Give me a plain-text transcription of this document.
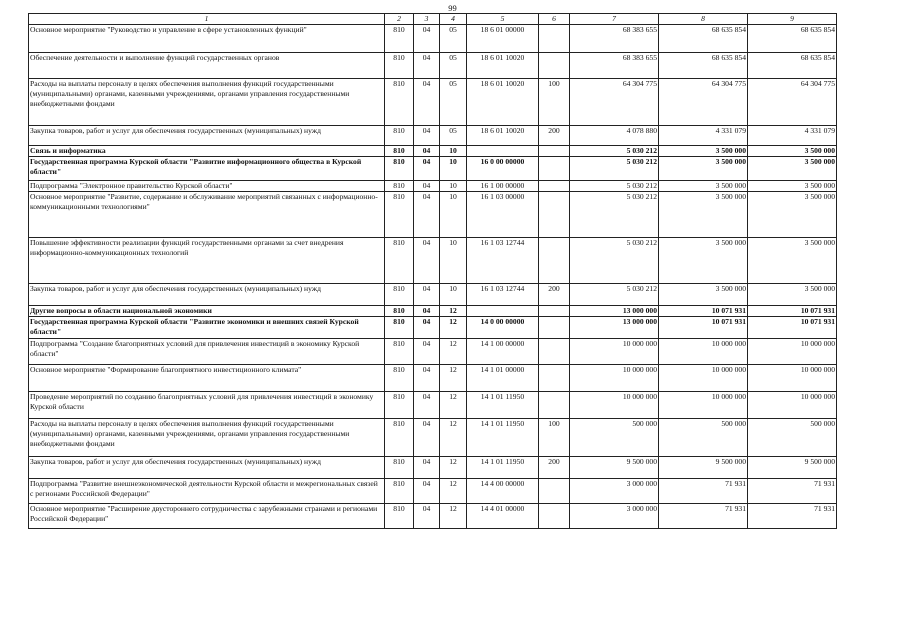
99
1	2	3	4	5	6	7	8	9
Основное мероприятие "Руководство и управление в сфере установленных функций"	810	04	05	18 6 01 00000		68 383 655	68 635 854	68 635 854
Обеспечение деятельности и выполнение функций государственных органов	810	04	05	18 6 01 10020		68 383 655	68 635 854	68 635 854
Расходы на выплаты персоналу в целях обеспечения выполнения функций государственными (муниципальными) органами, казенными учреждениями, органами управления государственными внебюджетными фондами	810	04	05	18 6 01 10020	100	64 304 775	64 304 775	64 304 775
Закупка товаров, работ и услуг для обеспечения государственных (муниципальных) нужд	810	04	05	18 6 01 10020	200	4 078 880	4 331 079	4 331 079
Связь и информатика	810	04	10			5 030 212	3 500 000	3 500 000
Государственная программа Курской области "Развитие информационного общества в Курской области"	810	04	10	16 0 00 00000		5 030 212	3 500 000	3 500 000
Подпрограмма "Электронное правительство Курской области"	810	04	10	16 1 00 00000		5 030 212	3 500 000	3 500 000
Основное мероприятие "Развитие, содержание и обслуживание мероприятий связанных с информационно-коммуникационными технологиями"	810	04	10	16 1 03 00000		5 030 212	3 500 000	3 500 000
Повышение эффективности реализации функций государственными органами за счет внедрения информационно-коммуникационных технологий	810	04	10	16 1 03 12744		5 030 212	3 500 000	3 500 000
Закупка товаров, работ и услуг для обеспечения государственных (муниципальных) нужд	810	04	10	16 1 03 12744	200	5 030 212	3 500 000	3 500 000
Другие вопросы в области национальной экономики	810	04	12			13 000 000	10 071 931	10 071 931
Государственная программа Курской области "Развитие экономики и внешних связей Курской области"	810	04	12	14 0 00 00000		13 000 000	10 071 931	10 071 931
Подпрограмма "Создание благоприятных условий для привлечения инвестиций в экономику Курской области"	810	04	12	14 1 00 00000		10 000 000	10 000 000	10 000 000
Основное мероприятие "Формирование благоприятного инвестиционного климата"	810	04	12	14 1 01 00000		10 000 000	10 000 000	10 000 000
Проведение мероприятий по созданию благоприятных условий для привлечения инвестиций в экономику Курской области	810	04	12	14 1 01 11950		10 000 000	10 000 000	10 000 000
Расходы на выплаты персоналу в целях обеспечения выполнения функций государственными (муниципальными) органами, казенными учреждениями, органами управления государственными внебюджетными фондами	810	04	12	14 1 01 11950	100	500 000	500 000	500 000
Закупка товаров, работ и услуг для обеспечения государственных (муниципальных) нужд	810	04	12	14 1 01 11950	200	9 500 000	9 500 000	9 500 000
Подпрограмма "Развитие внешнеэкономической деятельности Курской области и межрегиональных связей с регионами Российской Федерации"	810	04	12	14 4 00 00000		3 000 000	71 931	71 931
Основное мероприятие "Расширение двустороннего сотрудничества с зарубежными странами и регионами Российской Федерации"	810	04	12	14 4 01 00000		3 000 000	71 931	71 931
